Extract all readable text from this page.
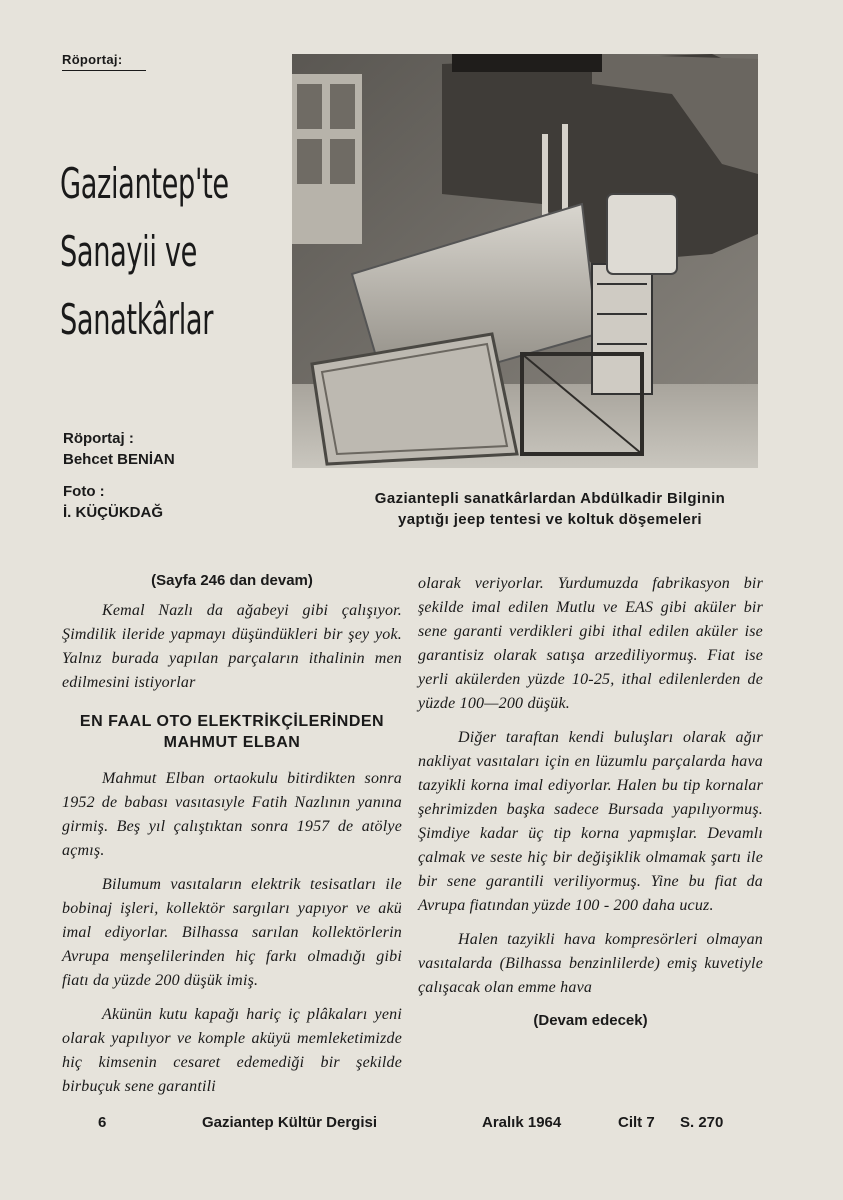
Röportaj:
Gaziantep'te
Sanayii ve
Sanatkârlar
Röportaj :
Behcet BENİAN
Foto :
İ. KÜÇÜKDAĞ
Gaziantepli sanatkârlardan Abdülkadir Bilginin
yaptığı jeep tentesi ve koltuk döşemeleri
(Sayfa 246 dan devam)

Kemal Nazlı da ağabeyi gibi çalışıyor. Şimdilik ileride yapmayı düşündükleri bir şey yok. Yalnız burada yapılan parçaların ithalinin men edilmesini istiyorlar

EN FAAL OTO ELEKTRİKÇİLERİNDEN MAHMUT ELBAN

Mahmut Elban ortaokulu bitirdikten sonra 1952 de babası vasıtasıyle Fatih Nazlının yanına girmiş. Beş yıl çalıştıktan sonra 1957 de atölye açmış.

Bilumum vasıtaların elektrik tesisatları ile bobinaj işleri, kollektör sargıları yapıyor ve akü imal ediyorlar. Bilhassa sarılan kollektörlerin Avrupa menşelilerinden hiç farkı olmadığı gibi fiatı da yüzde 200 düşük imiş.

Akünün kutu kapağı hariç iç plâkaları yeni olarak yapılıyor ve komple aküyü memleketimizde hiç kimsenin cesaret edemediği bir şekilde birbuçuk sene garantili

olarak veriyorlar. Yurdumuzda fabrikasyon bir şekilde imal edilen Mutlu ve EAS gibi aküler bir sene garanti verdikleri gibi ithal edilen aküler ise garantisiz olarak satışa arzediliyormuş. Fiat ise yerli akülerden yüzde 10-25, ithal edilenlerden de yüzde 100—200 düşük.

Diğer taraftan kendi buluşları olarak ağır nakliyat vasıtaları için en lüzumlu parçalarda hava tazyikli korna imal ediyorlar. Halen bu tip kornalar şehrimizden başka sadece Bursada yapılıyormuş. Şimdiye kadar üç tip korna yapmışlar. Devamlı çalmak ve seste hiç bir değişiklik olmamak şartı ile bir sene garantili veriliyormuş. Yine bu fiat da Avrupa fiatından yüzde 100 - 200 daha ucuz.

Halen tazyikli hava kompresörleri olmayan vasıtalarda (Bilhassa benzinlilerde) emiş kuvetiyle çalışacak olan emme hava

(Devam edecek)
6	Gaziantep Kültür Dergisi	Aralık 1964	Cilt 7 S. 270
